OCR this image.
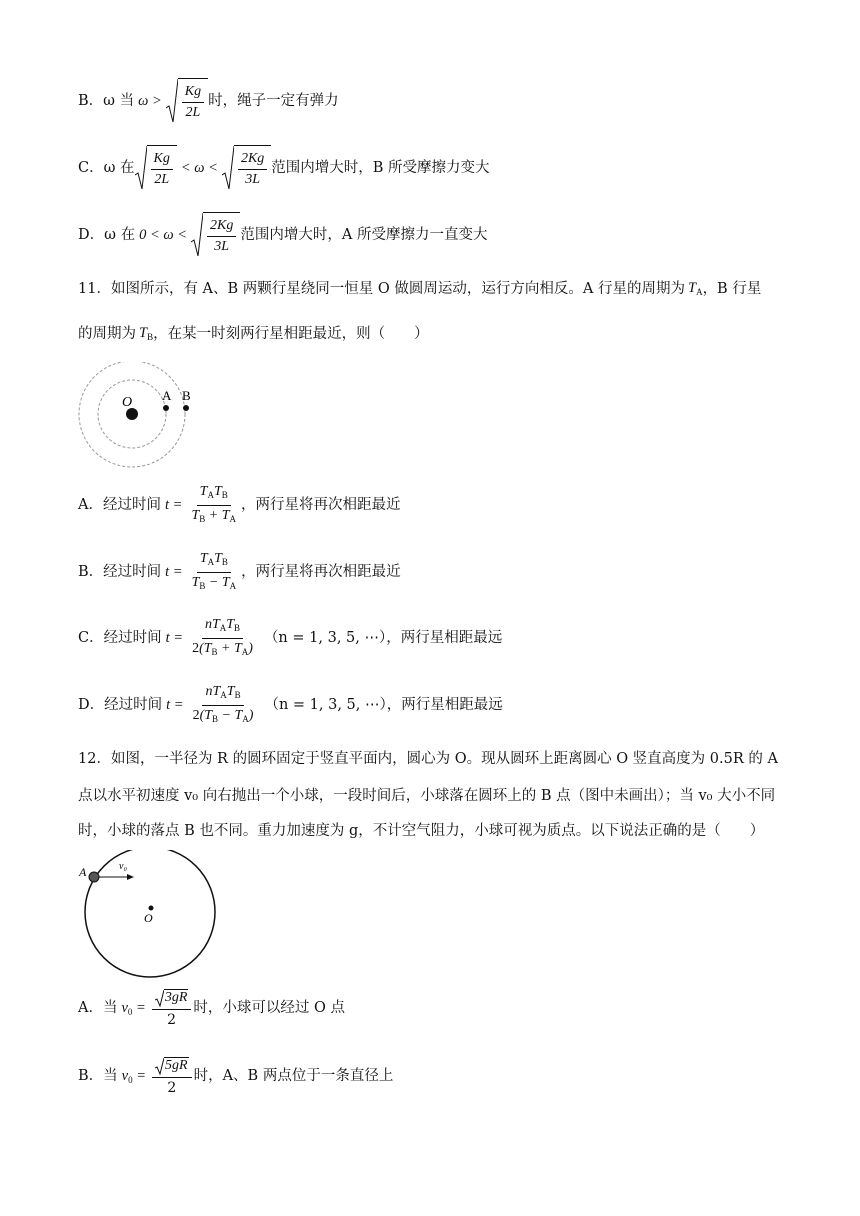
B． ω 当 $\omega > \frac{Kg}{2L}$ 时，绳子一定有弹力
C． ω 在 $\frac{Kg}{2L} < \omega < \frac{2Kg}{3L}$ 范围内增大时，B 所受摩擦力变大
D． ω 在 $0 < \omega < \frac{2Kg}{3L}$ 范围内增大时，A 所受摩擦力一直变大
11．如图所示，有 A、B 两颗行星绕同一恒星 O 做圆周运动，运行方向相反。A 行星的周期为 $T_A$ ，B 行星
的周期为 $T_B$ ，在某一时刻两行星相距最近，则（　　）
O A B
A． 经过时间 $t = \frac{T_AT_B}{T_B + T_A}$ ，两行星将再次相距最近
B． 经过时间 $t = \frac{T_AT_B}{T_B - T_A}$ ，两行星将再次相距最近
C． 经过时间 $t = \frac{nT_AT_B}{2(T_B + T_A)} (n = 1$, 3, 5, ⋯），两行星相距最远
D． 经过时间 $t = \frac{nT_AT_B}{2(T_B - T_A)} (n = 1$, 3, 5, ⋯），两行星相距最远
12．如图，一半径为 R 的圆环固定于竖直平面内，圆心为 O。现从圆环上距离圆心 O 竖直高度为 0.5R 的 A
点以水平初速度 v₀ 向右抛出一个小球，一段时间后，小球落在圆环上的 B 点（图中未画出）；当 v₀ 大小不同
时，小球的落点 B 也不同。重力加速度为 g，不计空气阻力，小球可视为质点。以下说法正确的是（　　）
O
A	v₀
A． 当 $v_0 = \frac{3gR}{2}$ 时，小球可以经过 O 点
B． 当 $v_0 = \frac{5gR}{2}$ 时，A、B 两点位于一条直径上
